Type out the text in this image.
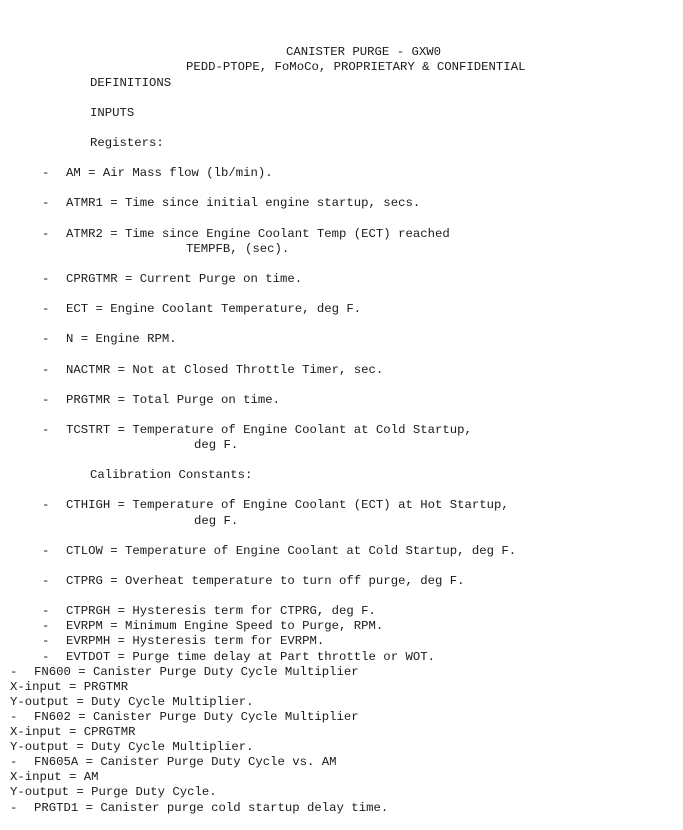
CANISTER PURGE - GXW0
PEDD-PTOPE, FoMoCo, PROPRIETARY & CONFIDENTIAL
DEFINITIONS
INPUTS
Registers:
- AM = Air Mass flow (lb/min).
- ATMR1 = Time since initial engine startup, secs.
- ATMR2 = Time since Engine Coolant Temp (ECT) reached
TEMPFB, (sec).
- CPRGTMR = Current Purge on time.
- ECT = Engine Coolant Temperature, deg F.
- N = Engine RPM.
- NACTMR = Not at Closed Throttle Timer, sec.
- PRGTMR = Total Purge on time.
- TCSTRT = Temperature of Engine Coolant at Cold Startup,
deg F.
Calibration Constants:
- CTHIGH = Temperature of Engine Coolant (ECT) at Hot Startup,
deg F.
- CTLOW = Temperature of Engine Coolant at Cold Startup, deg F.
- CTPRG = Overheat temperature to turn off purge, deg F.
- CTPRGH = Hysteresis term for CTPRG, deg F.
- EVRPM = Minimum Engine Speed to Purge, RPM.
- EVRPMH = Hysteresis term for EVRPM.
- EVTDOT = Purge time delay at Part throttle or WOT.
- FN600 = Canister Purge Duty Cycle Multiplier
X-input = PRGTMR
Y-output = Duty Cycle Multiplier.
- FN602 = Canister Purge Duty Cycle Multiplier
X-input = CPRGTMR
Y-output = Duty Cycle Multiplier.
- FN605A = Canister Purge Duty Cycle vs. AM
X-input = AM
Y-output = Purge Duty Cycle.
- PRGTD1 = Canister purge cold startup delay time.
